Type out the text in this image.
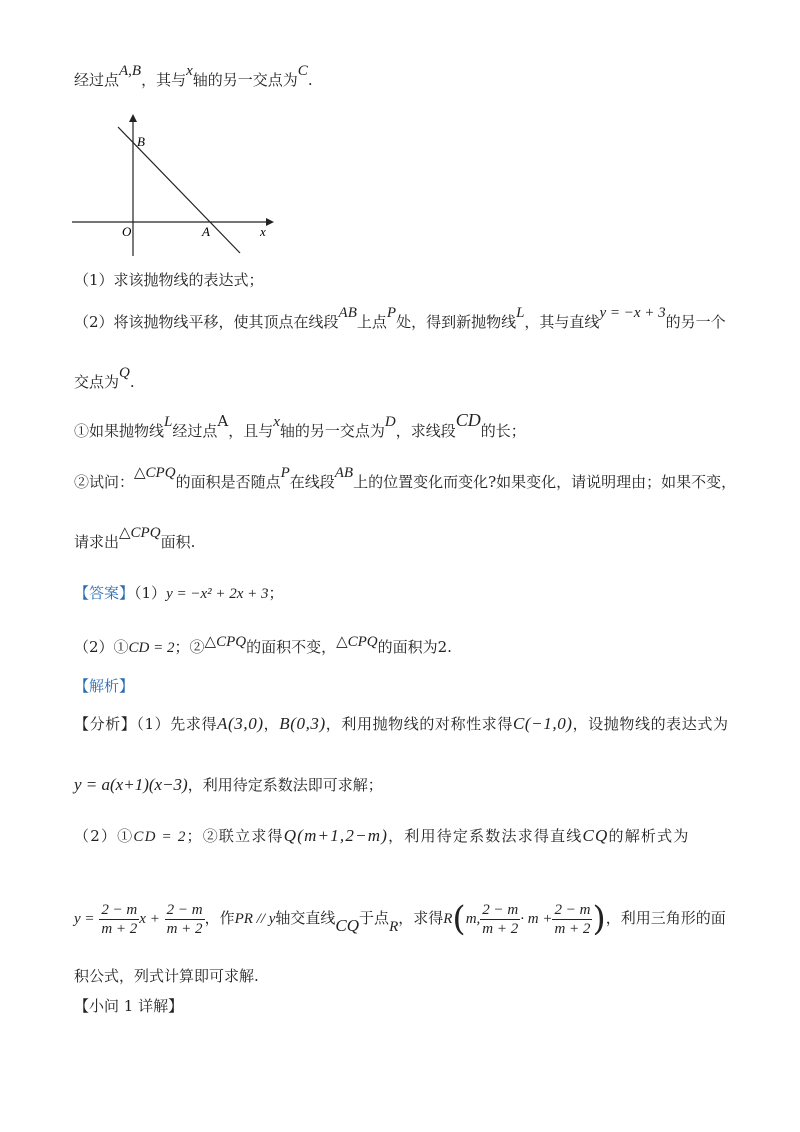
经过点A,B，其与x轴的另一交点为C.
B
O	A	x
（1）求该抛物线的表达式；
（2）将该抛物线平移，使其顶点在线段AB上点P处，得到新抛物线L，其与直线y = −x + 3的另一个
交点为Q.
①如果抛物线L经过点A，且与x轴的另一交点为D，求线段CD的长；
②试问：△CPQ的面积是否随点P在线段AB上的位置变化而变化?如果变化，请说明理由；如果不变，
请求出△CPQ面积.
【答案】（1）y = −x² + 2x + 3；
（2）①CD = 2；②△CPQ的面积不变，△CPQ的面积为2.
【解析】
【分析】（1）先求得A(3,0)，B(0,3)，利用抛物线的对称性求得C(−1,0)，设抛物线的表达式为
y = a(x+1)(x−3)，利用待定系数法即可求解；
（2）①CD = 2；②联立求得Q(m+1,2−m)，利用待定系数法求得直线CQ的解析式为
$y = \frac{2 - m}{m + 2}$ $x + \frac{2 - m}{m + 2}$ ，作PR // y轴交直线CQ于点R，求得R(m, $\frac{2 - m}{m + 2} \cdot m + \frac{2 - m}{m + 2}$ )，利用三角形的面
积公式，列式计算即可求解.
【小问 1 详解】
